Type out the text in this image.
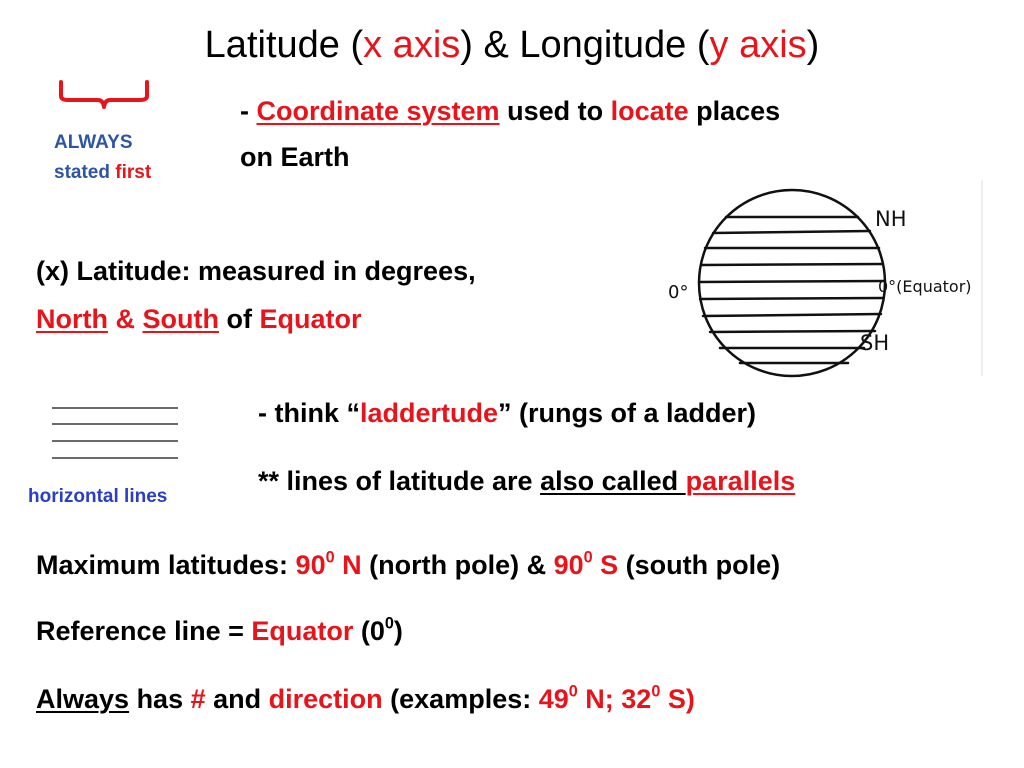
Latitude (x axis) & Longitude (y axis)
ALWAYS
stated first
- Coordinate system used to locate places
on Earth
(x) Latitude: measured in degrees,
North & South of Equator
NH
SH
0°	0°(Equator)
horizontal lines
- think “laddertude” (rungs of a ladder)
** lines of latitude are also called parallels
Maximum latitudes: $90^0$ N (north pole) & $90^0$ S (south pole)
Reference line = Equator $(0^0)$
Always has # and direction (examples: $49^0$ N; $32^0$ S)
